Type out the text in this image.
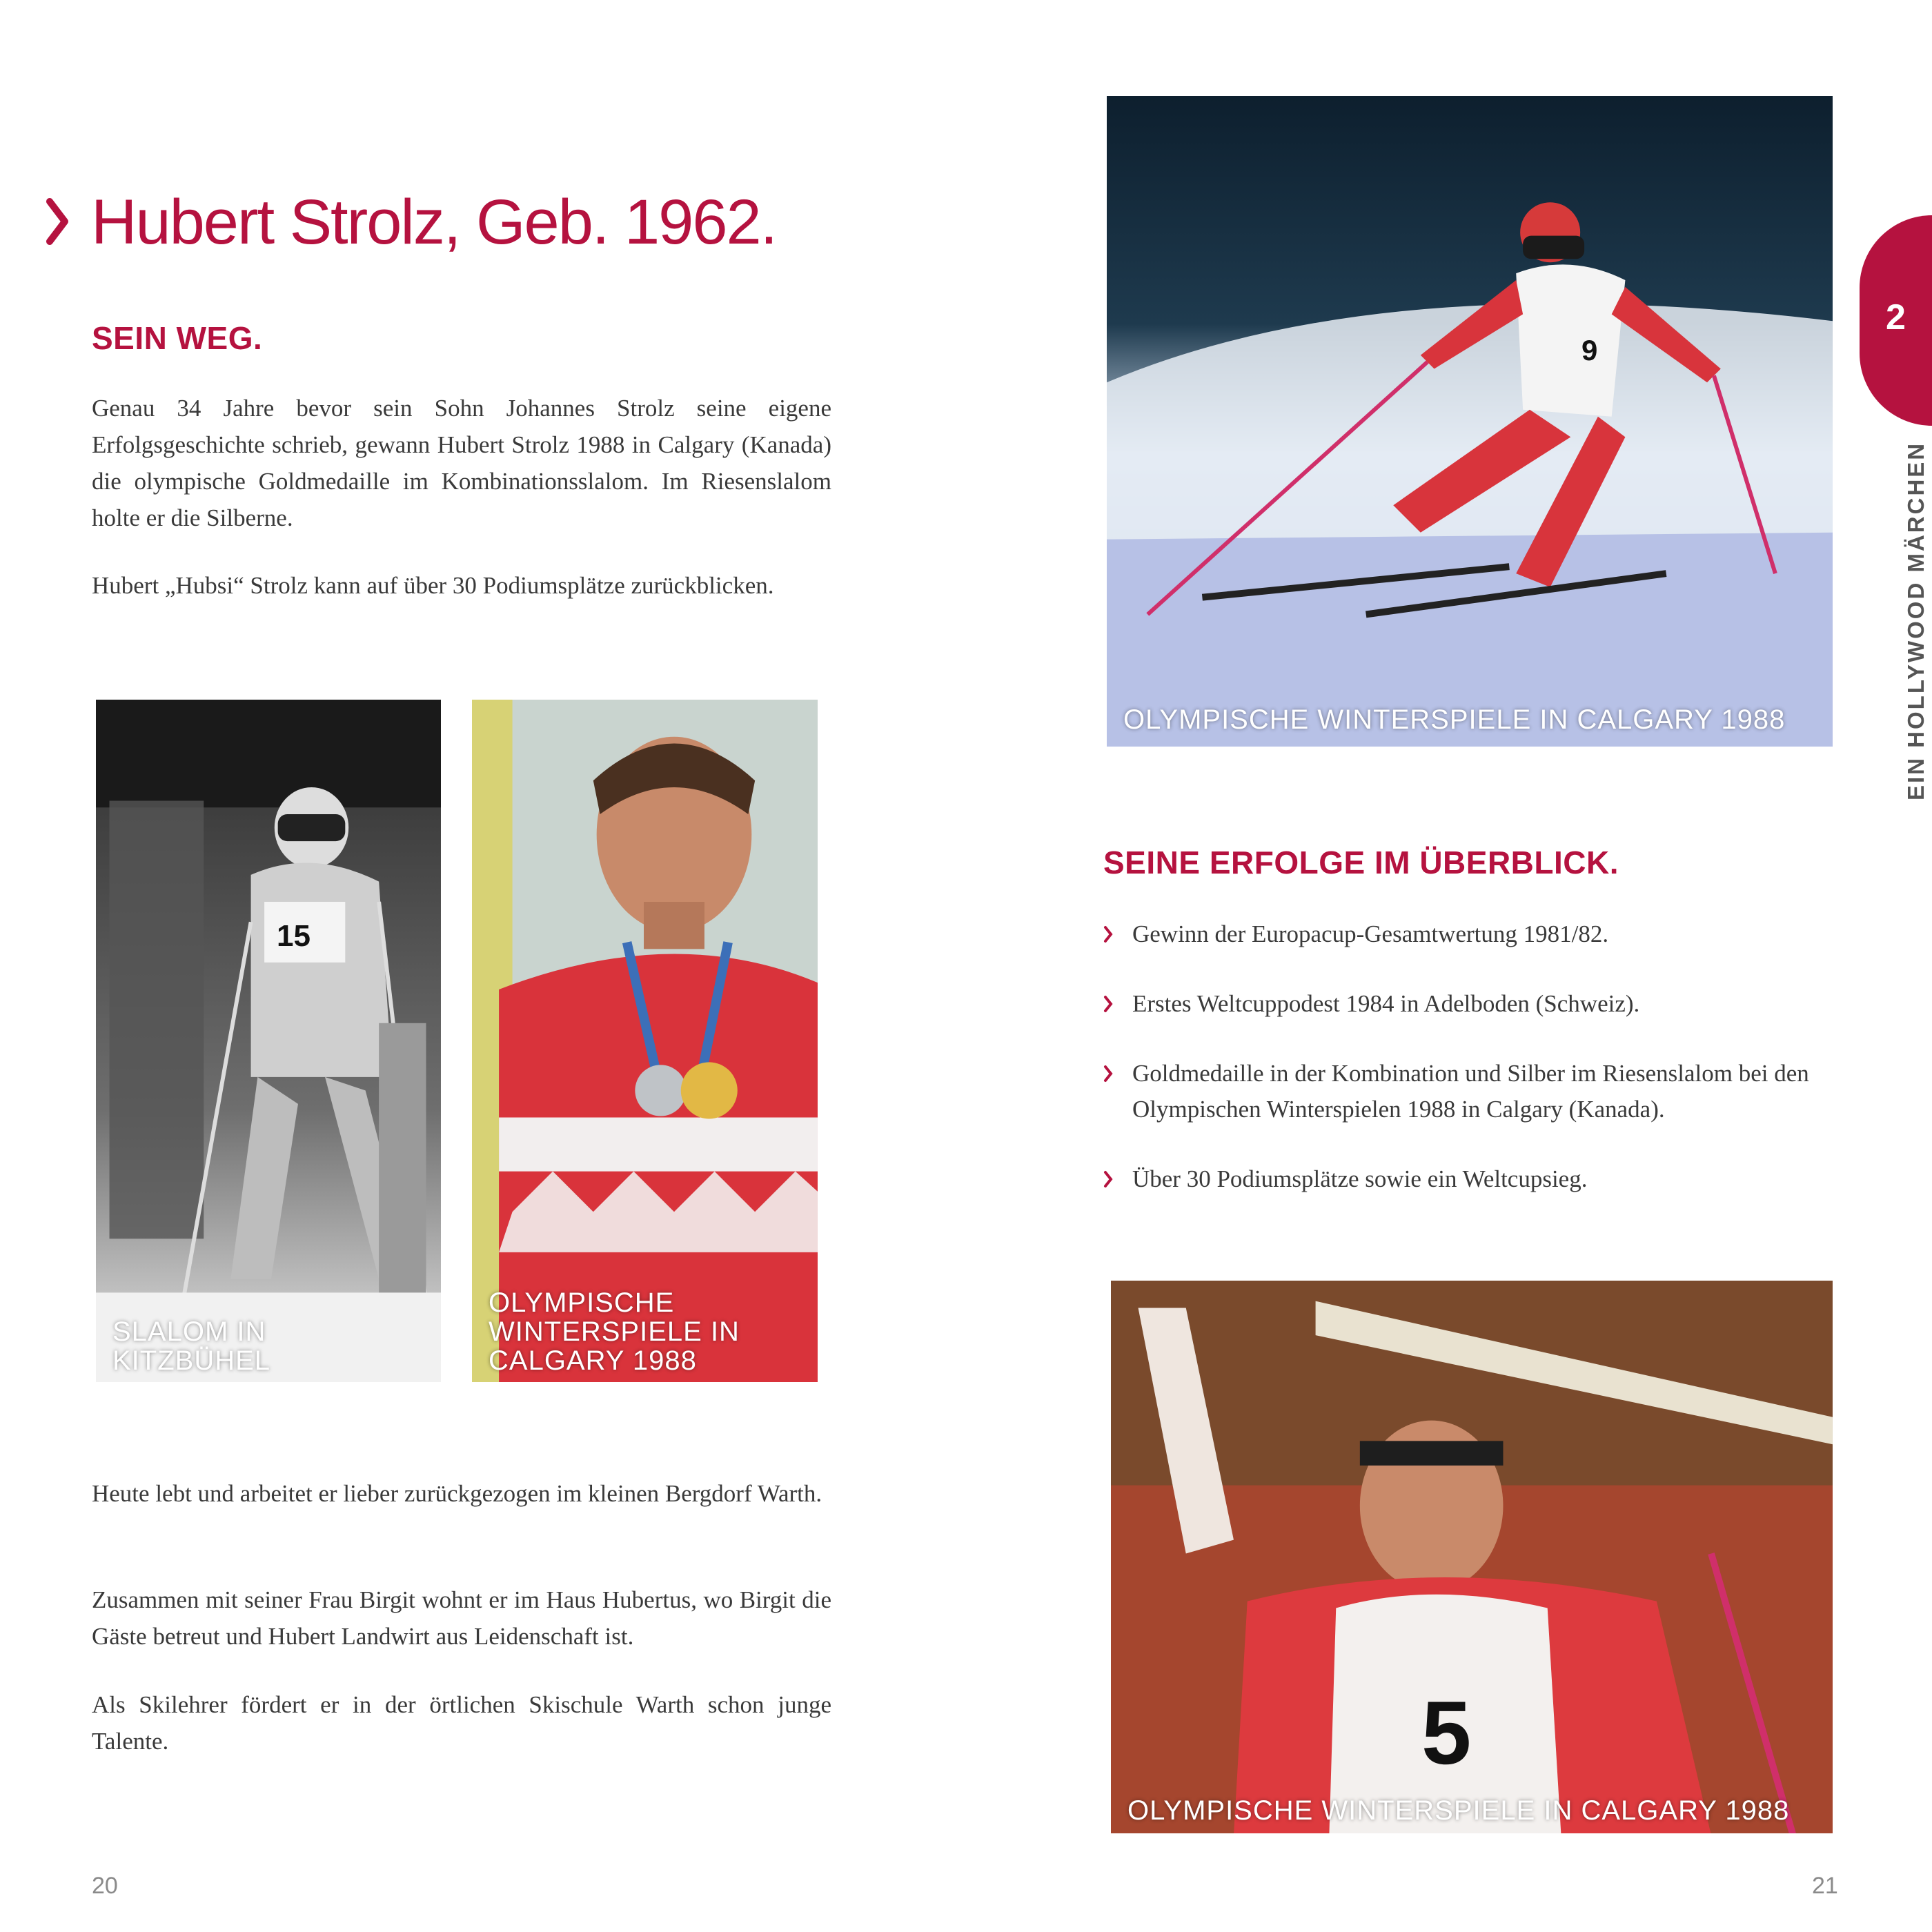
Hubert Strolz, Geb. 1962.
SEIN WEG.

Genau 34 Jahre bevor sein Sohn Johannes Strolz seine eigene Erfolgsgeschichte schrieb, gewann Hubert Strolz 1988 in Calgary (Kanada) die olympische Goldmedaille im Kombinationsslalom. Im Riesenslalom holte er die Silberne.

Hubert „Hubsi“ Strolz kann auf über 30 Podiumsplätze zurückblicken.

15
SLALOM IN KITZBÜHEL
OLYMPISCHE WINTERSPIELE IN CALGARY 1988

Heute lebt und arbeitet er lieber zurückgezogen im kleinen Bergdorf Warth.

Zusammen mit seiner Frau Birgit wohnt er im Haus Hubertus, wo Birgit die Gäste betreut und Hubert Landwirt aus Leidenschaft ist.

Als Skilehrer fördert er in der örtlichen Skischule Warth schon junge Talente.

20
9
OLYMPISCHE WINTERSPIELE IN CALGARY 1988
SEINE ERFOLGE IM ÜBERBLICK.
Gewinn der Europacup-Gesamtwertung 1981/82.
Erstes Weltcuppodest 1984 in Adelboden (Schweiz).
Goldmedaille in der Kombination und Silber im Riesenslalom bei den Olympischen Winterspielen 1988 in Calgary (Kanada).
Über 30 Podiumsplätze sowie ein Weltcupsieg.
5
OLYMPISCHE WINTERSPIELE IN CALGARY 1988
21
2
EIN HOLLYWOOD MÄRCHEN
